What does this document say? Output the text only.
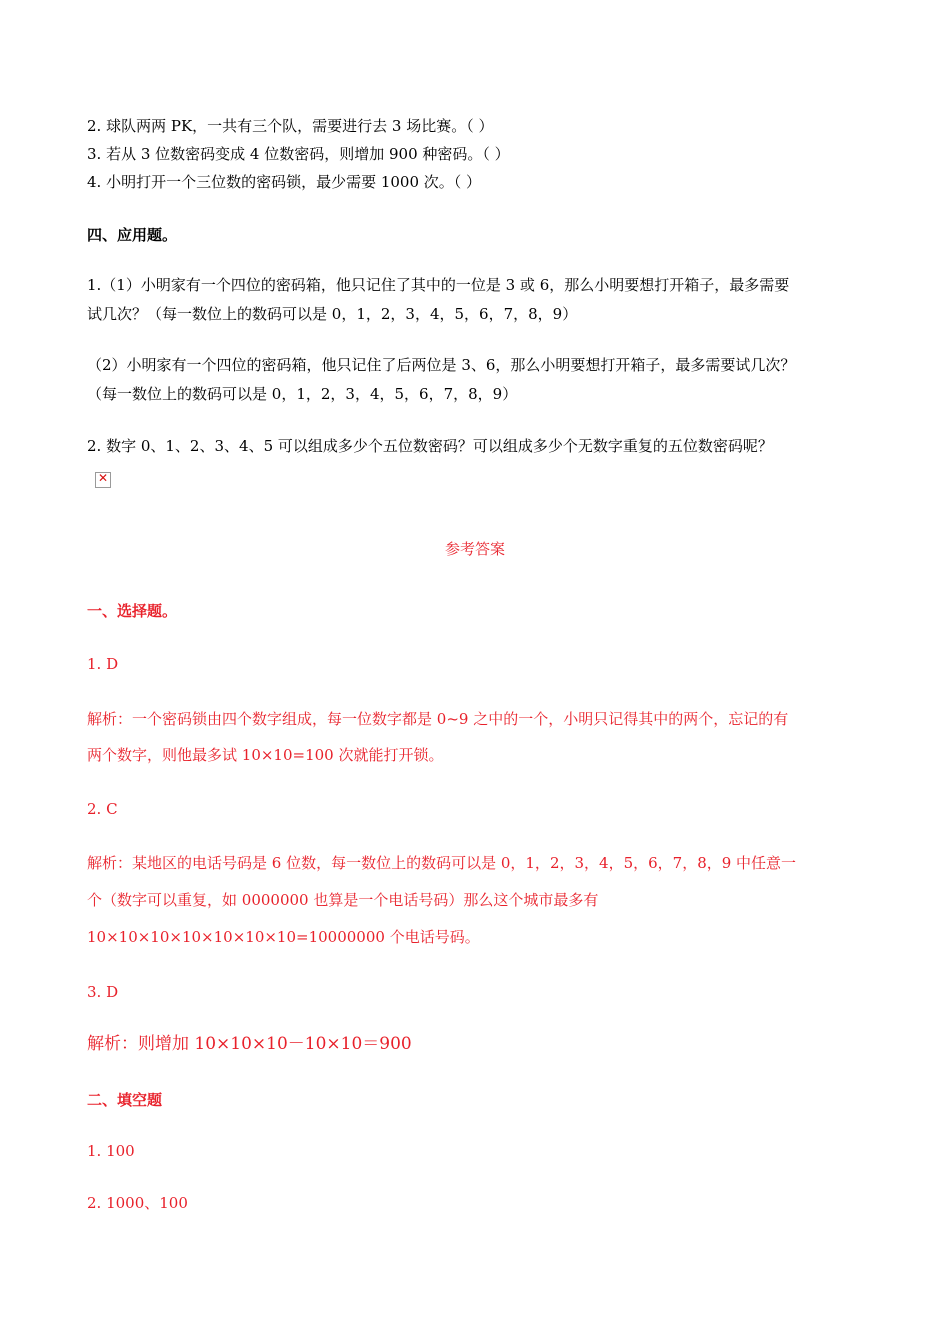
2. 球队两两 PK，一共有三个队，需要进行去 3 场比赛。（ ）
3. 若从 3 位数密码变成 4 位数密码，则增加 900 种密码。（ ）
4. 小明打开一个三位数的密码锁，最少需要 1000 次。（ ）
四、应用题。
1.（1）小明家有一个四位的密码箱，他只记住了其中的一位是 3 或 6，那么小明要想打开箱子，最多需要
试几次？（每一数位上的数码可以是 0，1，2，3，4，5，6，7，8，9）
（2）小明家有一个四位的密码箱，他只记住了后两位是 3、6，那么小明要想打开箱子，最多需要试几次？
（每一数位上的数码可以是 0，1，2，3，4，5，6，7，8，9）
2. 数字 0、1、2、3、4、5 可以组成多少个五位数密码？可以组成多少个无数字重复的五位数密码呢？
✕
参考答案
一、选择题。
1. D
解析：一个密码锁由四个数字组成，每一位数字都是 0~9 之中的一个，小明只记得其中的两个，忘记的有
两个数字，则他最多试 10×10=100 次就能打开锁。
2. C
解析：某地区的电话号码是 6 位数，每一数位上的数码可以是 0，1，2，3，4，5，6，7，8，9 中任意一
个（数字可以重复，如 0000000 也算是一个电话号码）那么这个城市最多有
10×10×10×10×10×10×10=10000000 个电话号码。
3. D
解析：则增加 10×10×10－10×10＝900
二、填空题
1. 100
2. 1000、100
